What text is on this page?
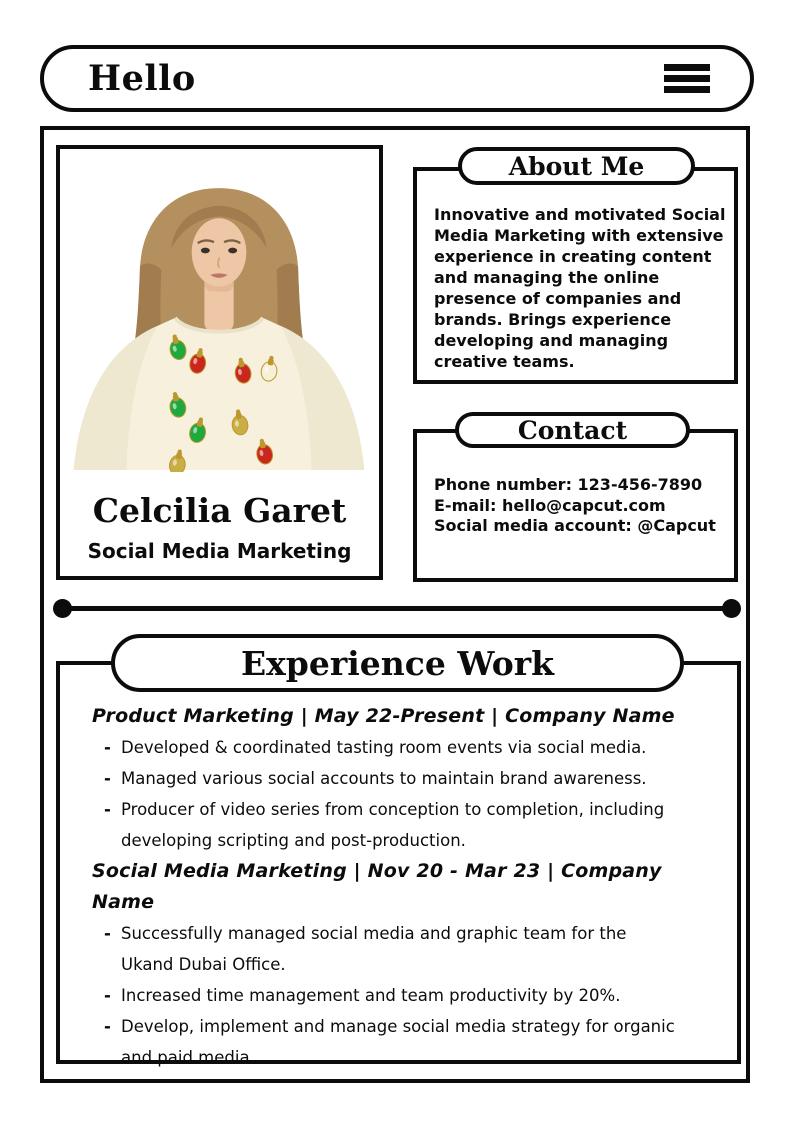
Hello
Celcilia Garet

Social Media Marketing

About Me

Innovative and motivated Social Media Marketing with extensive experience in creating content and managing the online presence of companies and brands. Brings experience developing and managing creative teams.

Contact

Phone number: 123-456-7890

E-mail: hello@capcut.com

Social media account: @Capcut

Experience Work
Product Marketing | May 22-Present | Company Name
- Developed & coordinated tasting room events via social media.
- Managed various social accounts to maintain brand awareness.
- Producer of video series from conception to completion, including developing scripting and post-production.
Social Media Marketing | Nov 20 - Mar 23 | Company Name
- Successfully managed social media and graphic team for the Ukand Dubai Office.
- Increased time management and team productivity by 20%.
- Develop, implement and manage social media strategy for organic and paid media.
